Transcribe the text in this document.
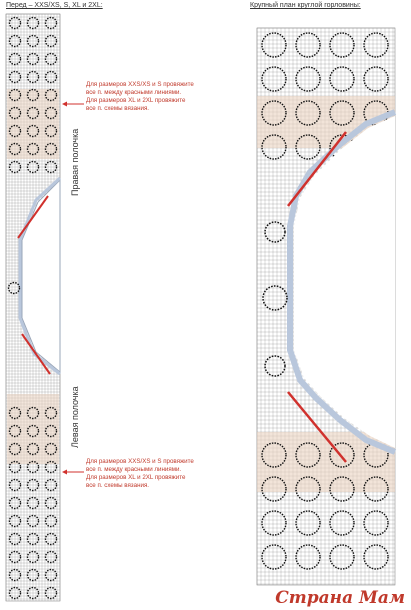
Перед – XXS/XS, S, XL и 2XL:	Крупный план круглой горловины:
Для размеров XXS/XS и S провяжите
все п. между красными линиями.
Для размеров XL и 2XL провяжите
все п. схемы вязания.
Для размеров XXS/XS и S провяжите
все п. между красными линиями.
Для размеров XL и 2XL провяжите
все п. схемы вязания.
Правая полочка
Левая полочка
Страна Мам
